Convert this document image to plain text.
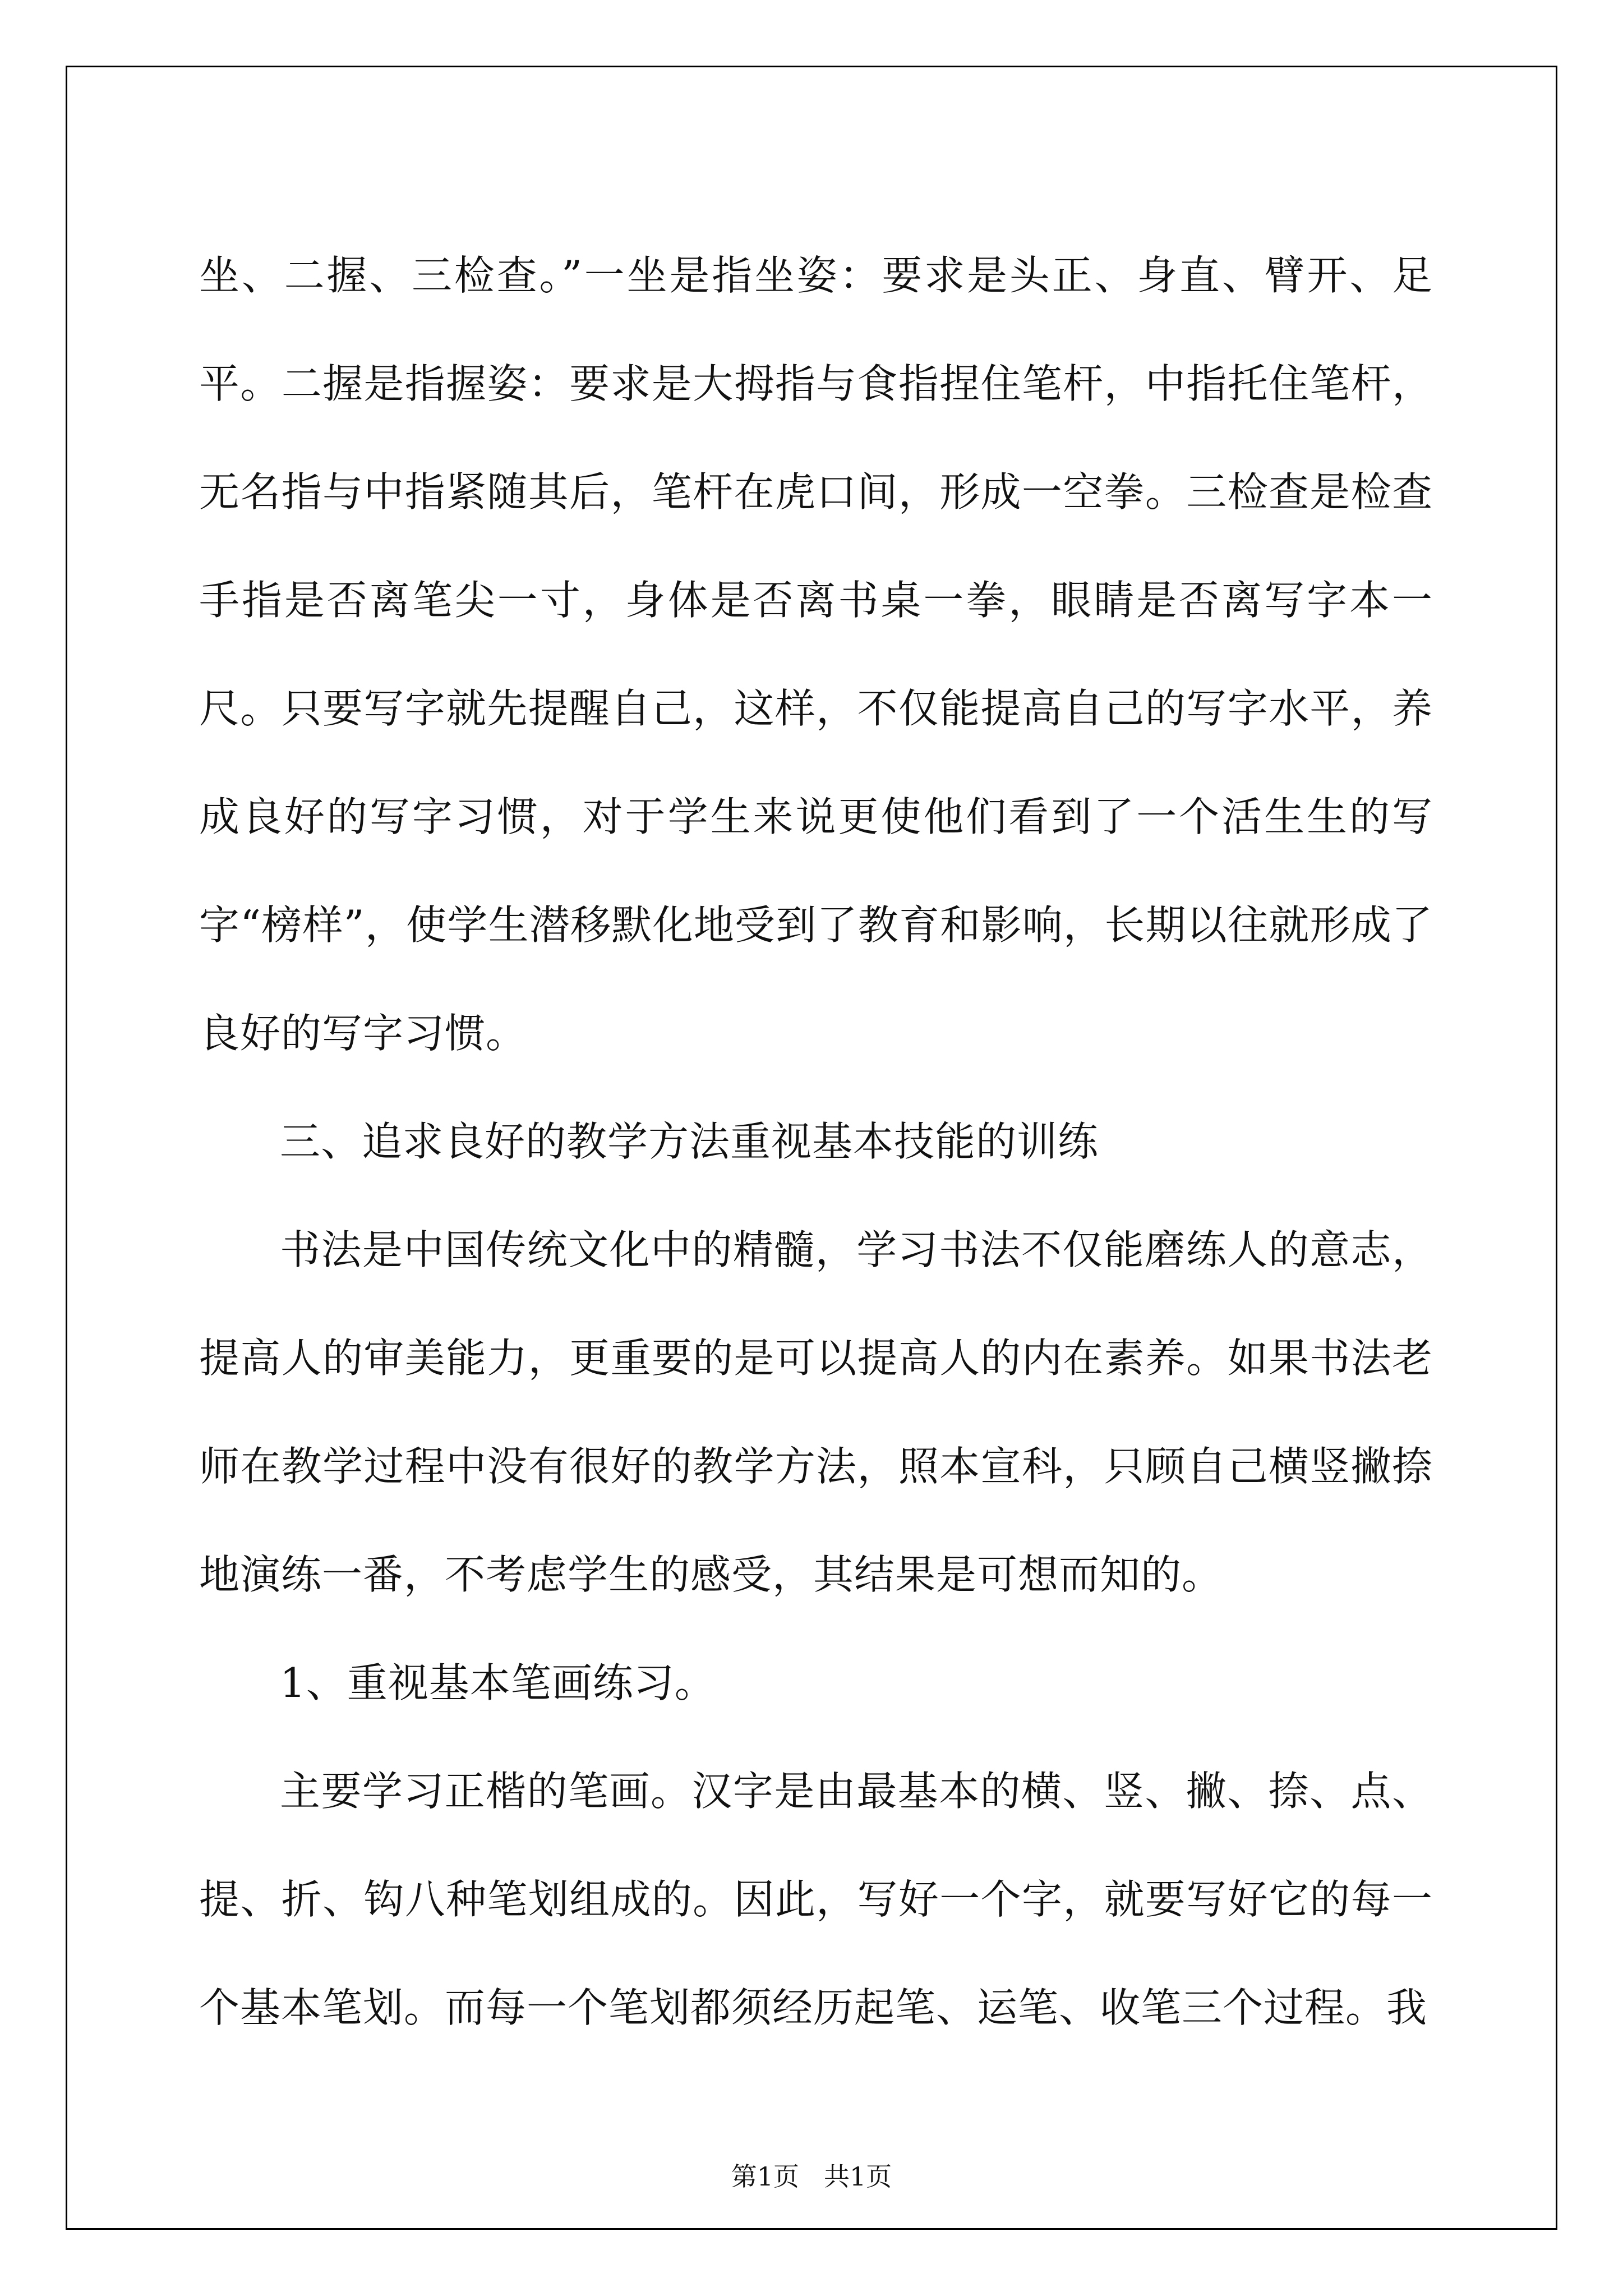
坐、二握、三检查。”一坐是指坐姿：要求是头正、身直、臂开、足平。二握是指握姿：要求是大拇指与食指捏住笔杆，中指托住笔杆，无名指与中指紧随其后，笔杆在虎口间，形成一空拳。三检查是检查手指是否离笔尖一寸，身体是否离书桌一拳，眼睛是否离写字本一尺。只要写字就先提醒自己，这样，不仅能提高自己的写字水平，养成良好的写字习惯，对于学生来说更使他们看到了一个活生生的写字“榜样”，使学生潜移默化地受到了教育和影响，长期以往就形成了良好的写字习惯。

三、追求良好的教学方法重视基本技能的训练

书法是中国传统文化中的精髓，学习书法不仅能磨练人的意志，提高人的审美能力，更重要的是可以提高人的内在素养。如果书法老师在教学过程中没有很好的教学方法，照本宣科，只顾自己横竖撇捺地演练一番，不考虑学生的感受，其结果是可想而知的。

1、重视基本笔画练习。

主要学习正楷的笔画。汉字是由最基本的横、竖、撇、捺、点、提、折、钩八种笔划组成的。因此，写好一个字，就要写好它的每一个基本笔划。而每一个笔划都须经历起笔、运笔、收笔三个过程。我

第1页 共1页
